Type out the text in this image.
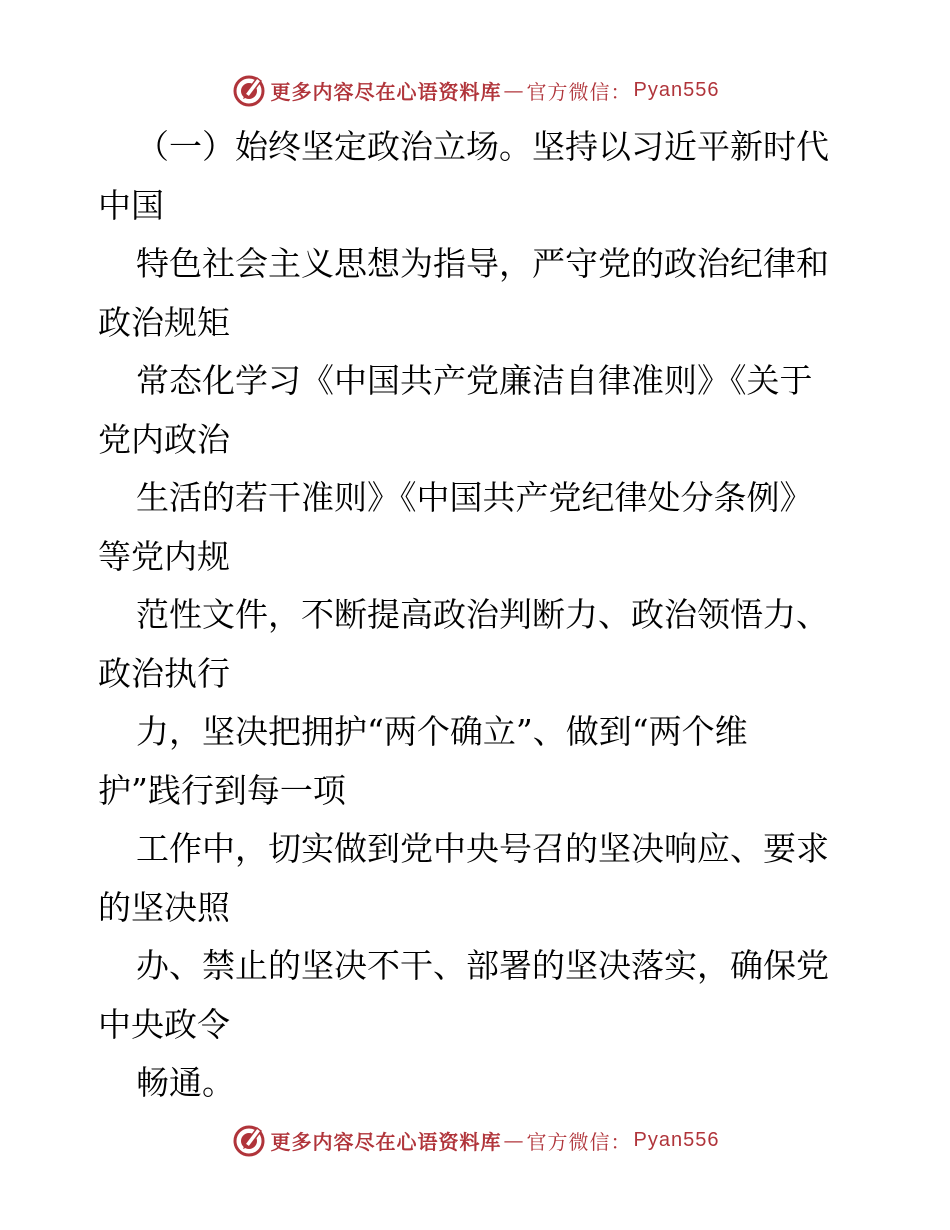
更多内容尽在心语资料库 — 官方微信： Pyan556
（一）始终坚定政治立场。坚持以习近平新时代
中国
特色社会主义思想为指导，严守党的政治纪律和
政治规矩
常态化学习《中国共产党廉洁自律准则》《关于
党内政治
生活的若干准则》《中国共产党纪律处分条例》
等党内规
范性文件，不断提高政治判断力、政治领悟力、
政治执行
力，坚决把拥护“两个确立”、做到“两个维
护”践行到每一项
工作中，切实做到党中央号召的坚决响应、要求
的坚决照
办、禁止的坚决不干、部署的坚决落实，确保党
中央政令
畅通。
更多内容尽在心语资料库 — 官方微信： Pyan556
